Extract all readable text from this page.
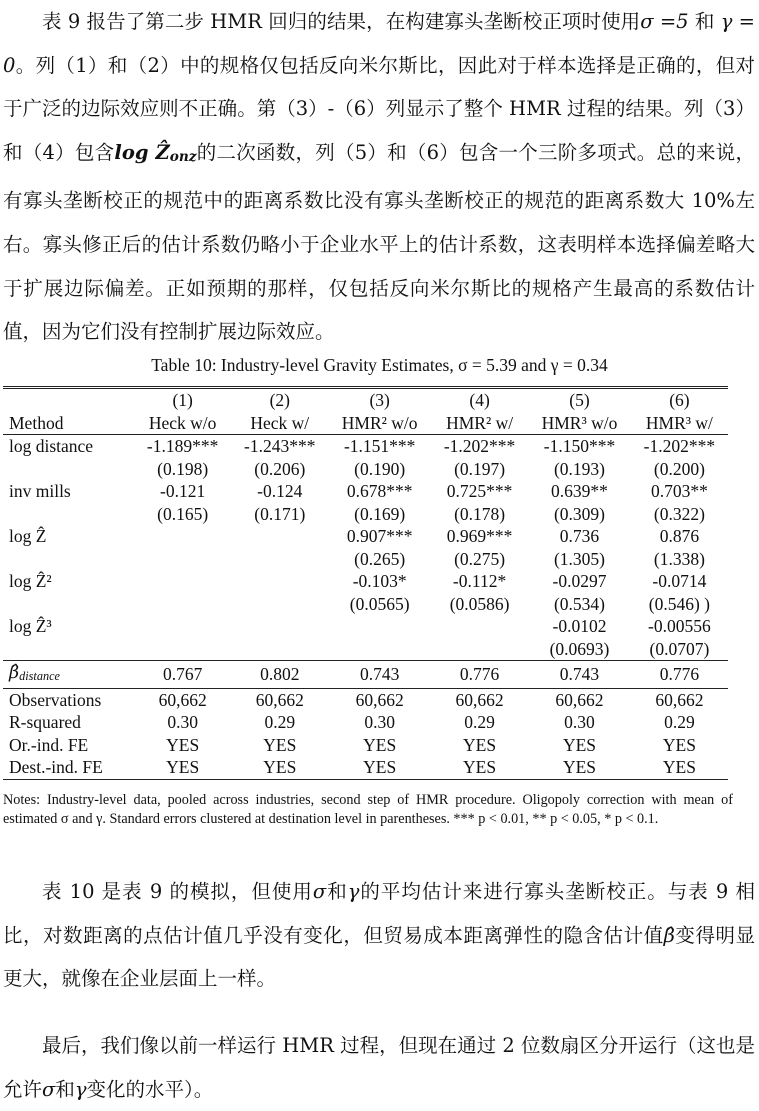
表 9 报告了第二步 HMR 回归的结果，在构建寡头垄断校正项时使用σ =5 和 γ = 0。列（1）和（2）中的规格仅包括反向米尔斯比，因此对于样本选择是正确的，但对于广泛的边际效应则不正确。第（3）-（6）列显示了整个 HMR 过程的结果。列（3）和（4）包含log Ẑonz的二次函数，列（5）和（6）包含一个三阶多项式。总的来说，有寡头垄断校正的规范中的距离系数比没有寡头垄断校正的规范的距离系数大 10%左右。寡头修正后的估计系数仍略小于企业水平上的估计系数，这表明样本选择偏差略大于扩展边际偏差。正如预期的那样，仅包括反向米尔斯比的规格产生最高的系数估计值，因为它们没有控制扩展边际效应。

Table 10: Industry-level Gravity Estimates, σ = 5.39 and γ = 0.34
	(1)	(2)	(3)	(4)	(5)	(6)
Method	Heck w/o	Heck w/	HMR² w/o	HMR² w/	HMR³ w/o	HMR³ w/
log distance	-1.189***	-1.243***	-1.151***	-1.202***	-1.150***	-1.202***
	(0.198)	(0.206)	(0.190)	(0.197)	(0.193)	(0.200)
inv mills	-0.121	-0.124	0.678***	0.725***	0.639**	0.703**
	(0.165)	(0.171)	(0.169)	(0.178)	(0.309)	(0.322)
log Ẑ			0.907***	0.969***	0.736	0.876
			(0.265)	(0.275)	(1.305)	(1.338)
log Ẑ²			-0.103*	-0.112*	-0.0297	-0.0714
			(0.0565)	(0.0586)	(0.534)	(0.546) )
log Ẑ³					-0.0102	-0.00556
					(0.0693)	(0.0707)
β̂distance	0.767	0.802	0.743	0.776	0.743	0.776
Observations	60,662	60,662	60,662	60,662	60,662	60,662
R-squared	0.30	0.29	0.30	0.29	0.30	0.29
Or.-ind. FE	YES	YES	YES	YES	YES	YES
Dest.-ind. FE	YES	YES	YES	YES	YES	YES

Notes: Industry-level data, pooled across industries, second step of HMR procedure. Oligopoly correction with mean of estimated σ and γ. Standard errors clustered at destination level in parentheses. *** p < 0.01, ** p < 0.05, * p < 0.1.

表 10 是表 9 的模拟，但使用σ和γ的平均估计来进行寡头垄断校正。与表 9 相比，对数距离的点估计值几乎没有变化，但贸易成本距离弹性的隐含估计值β̂变得明显更大，就像在企业层面上一样。

最后，我们像以前一样运行 HMR 过程，但现在通过 2 位数扇区分开运行（这也是允许σ和γ变化的水平）。
